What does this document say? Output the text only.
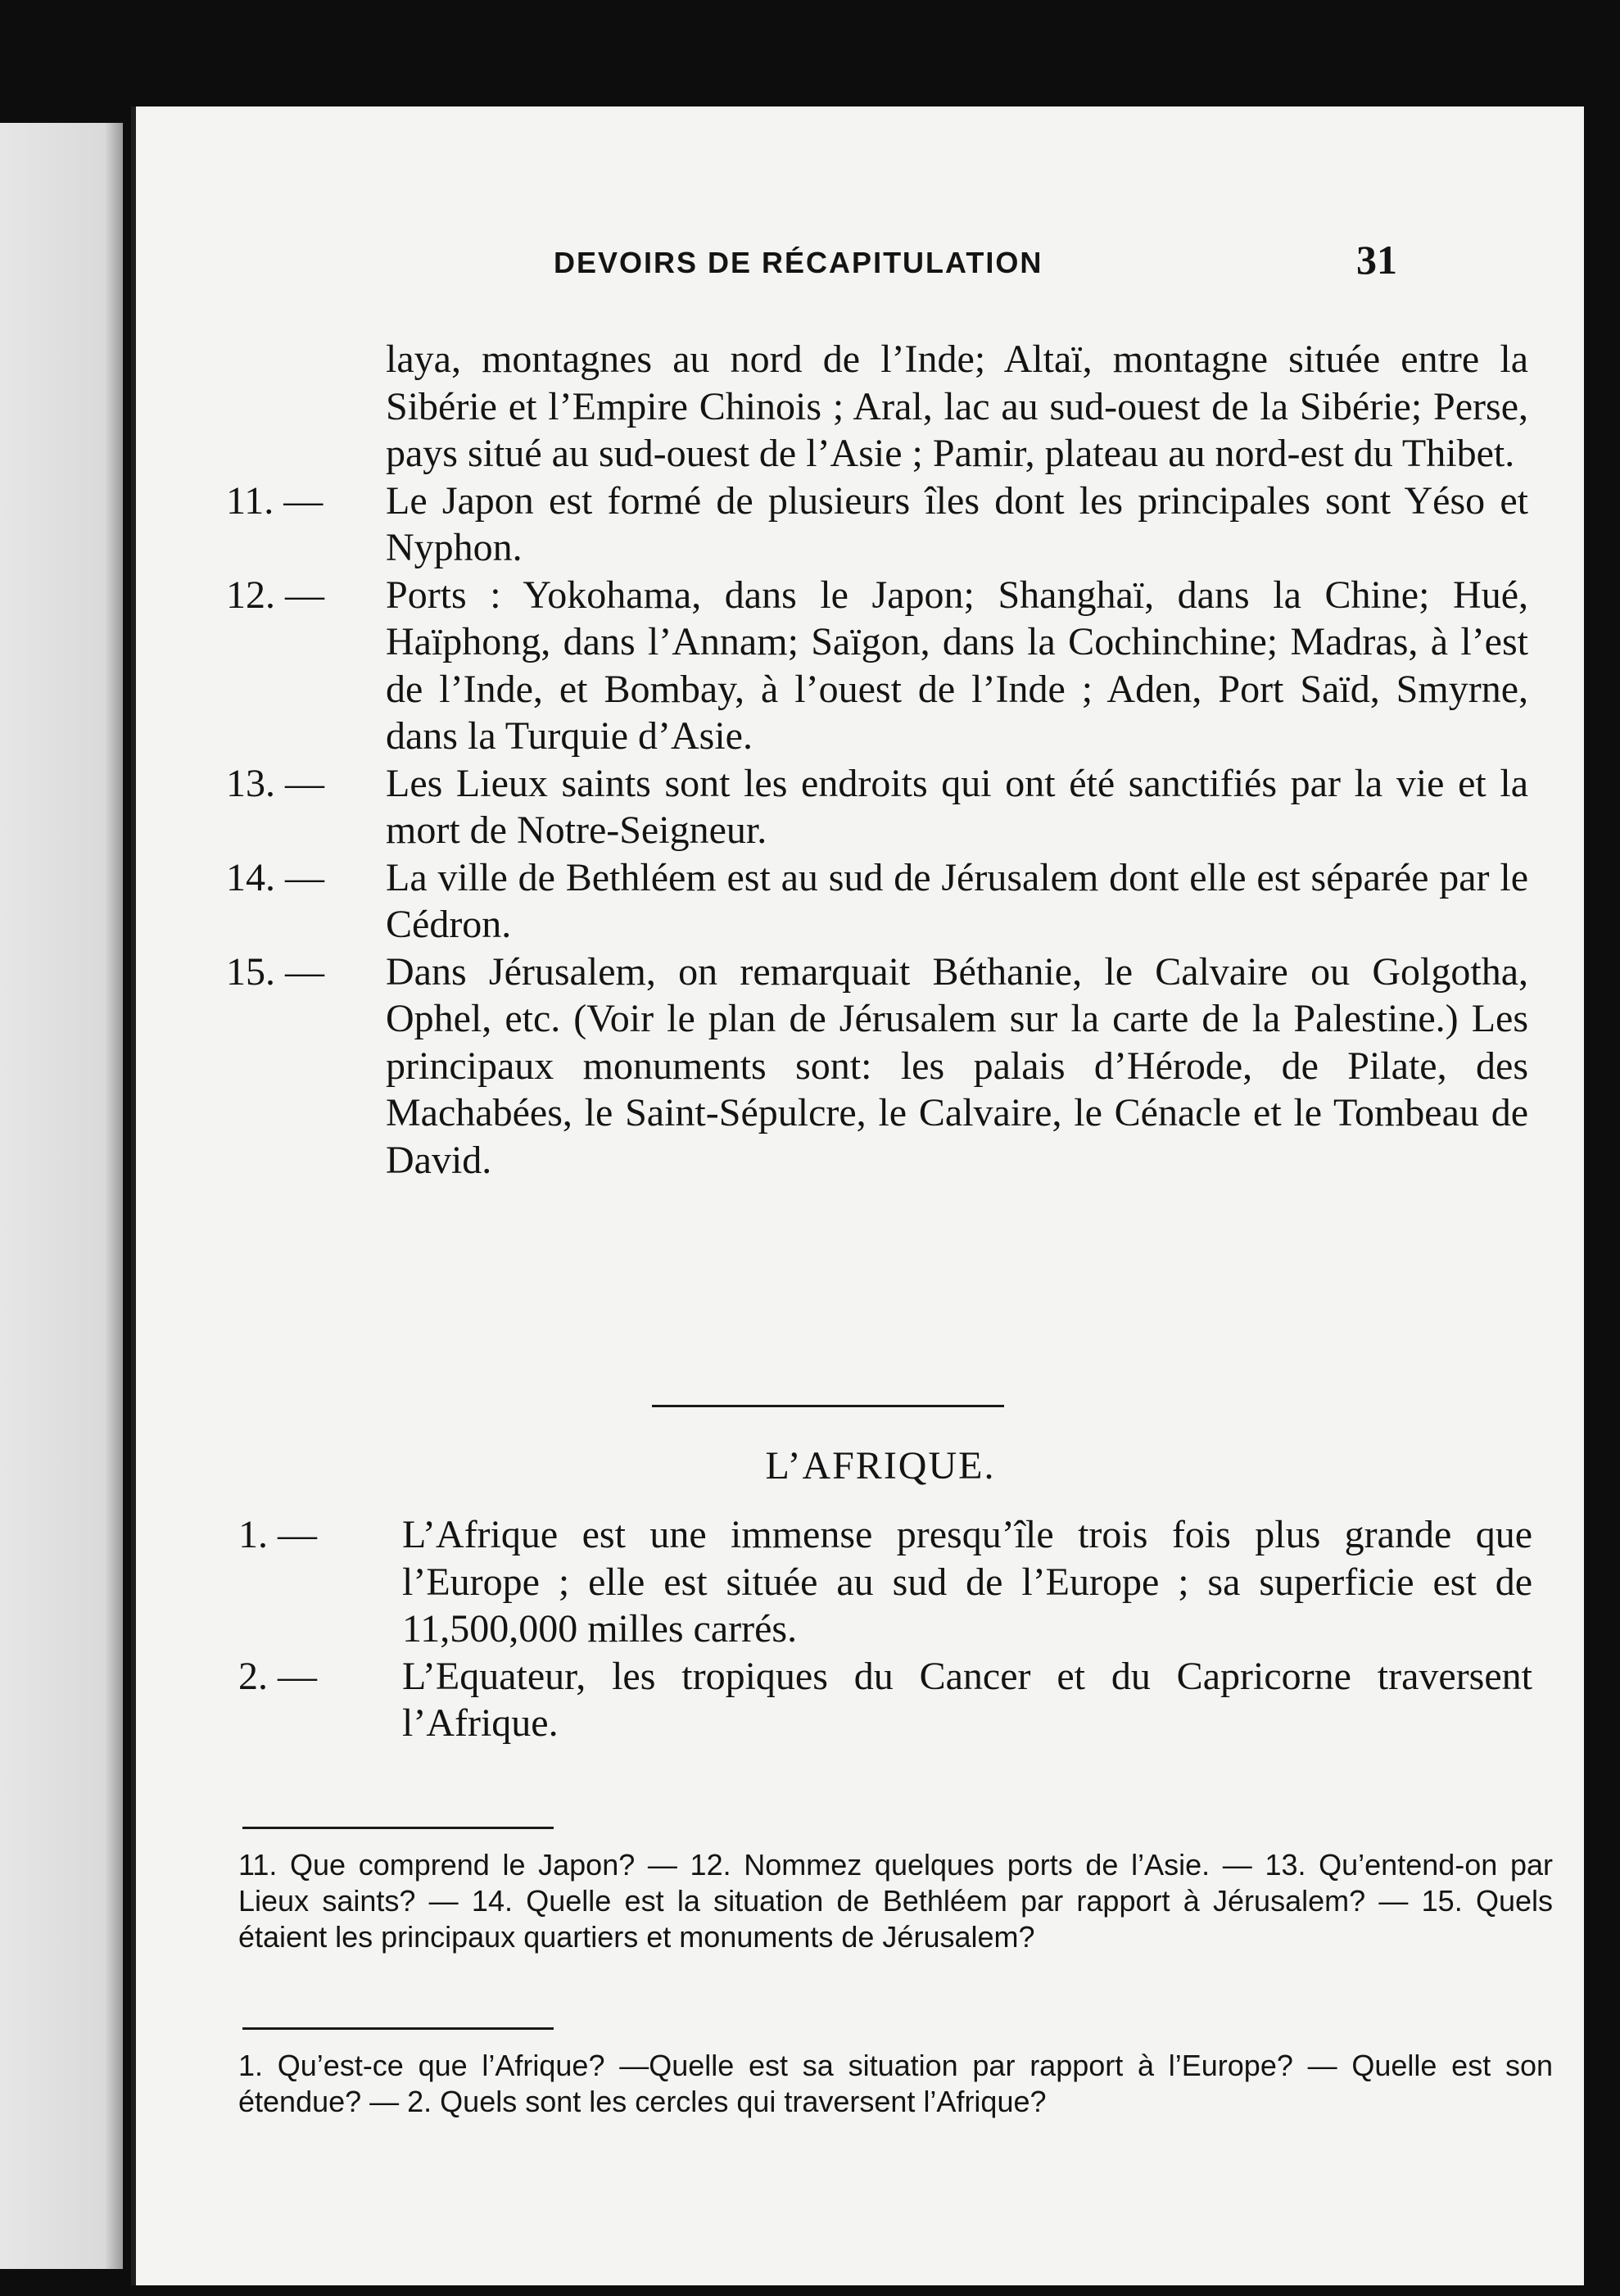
DEVOIRS DE RÉCAPITULATION	31
laya, montagnes au nord de l’Inde; Altaï, montagne située entre la Sibérie et l’Empire Chinois ; Aral, lac au sud-ouest de la Sibérie; Perse, pays situé au sud-ouest de l’Asie ; Pamir, plateau au nord-est du Thibet.
11. — Le Japon est formé de plusieurs îles dont les principales sont Yéso et Nyphon.
12. — Ports : Yokohama, dans le Japon; Shanghaï, dans la Chine; Hué, Haïphong, dans l’Annam; Saïgon, dans la Cochinchine; Madras, à l’est de l’Inde, et Bombay, à l’ouest de l’Inde ; Aden, Port Saïd, Smyrne, dans la Turquie d’Asie.
13. — Les Lieux saints sont les endroits qui ont été sanctifiés par la vie et la mort de Notre-Seigneur.
14. — La ville de Bethléem est au sud de Jérusalem dont elle est séparée par le Cédron.
15. — Dans Jérusalem, on remarquait Béthanie, le Calvaire ou Golgotha, Ophel, etc. (Voir le plan de Jérusalem sur la carte de la Palestine.) Les principaux monuments sont: les palais d’Hérode, de Pilate, des Machabées, le Saint-Sépulcre, le Calvaire, le Cénacle et le Tombeau de David.
L’AFRIQUE.
1. — L’Afrique est une immense presqu’île trois fois plus grande que l’Europe ; elle est située au sud de l’Europe ; sa superficie est de 11,500,000 milles carrés.
2. — L’Equateur, les tropiques du Cancer et du Capricorne traversent l’Afrique.
11. Que comprend le Japon? — 12. Nommez quelques ports de l’Asie. — 13. Qu’entend-on par Lieux saints? — 14. Quelle est la situation de Bethléem par rapport à Jérusalem? — 15. Quels étaient les principaux quartiers et monuments de Jérusalem?
1. Qu’est-ce que l’Afrique? —Quelle est sa situation par rapport à l’Europe? — Quelle est son étendue? — 2. Quels sont les cercles qui traversent l’Afrique?
